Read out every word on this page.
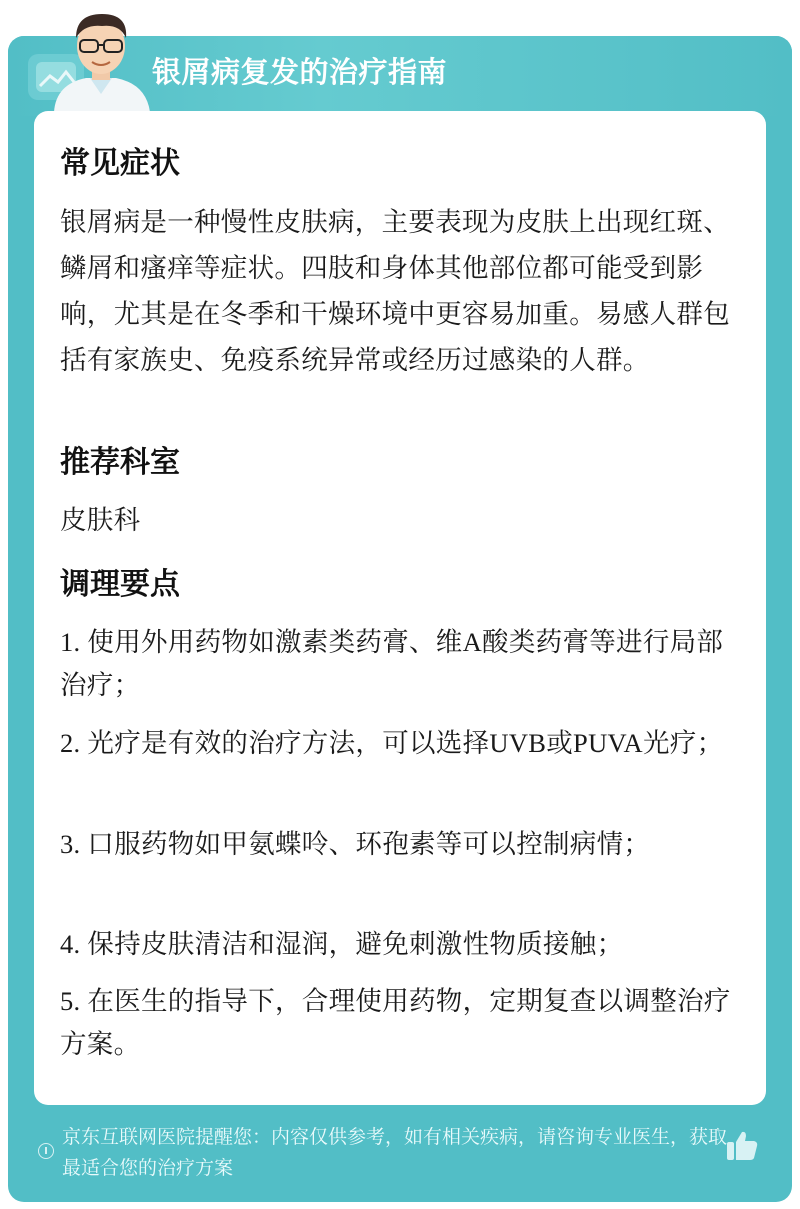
银屑病复发的治疗指南
常见症状
银屑病是一种慢性皮肤病，主要表现为皮肤上出现红斑、鳞屑和瘙痒等症状。四肢和身体其他部位都可能受到影响，尤其是在冬季和干燥环境中更容易加重。易感人群包括有家族史、免疫系统异常或经历过感染的人群。
推荐科室
皮肤科
调理要点
1. 使用外用药物如激素类药膏、维A酸类药膏等进行局部治疗；
2. 光疗是有效的治疗方法，可以选择UVB或PUVA光疗；
3. 口服药物如甲氨蝶呤、环孢素等可以控制病情；
4. 保持皮肤清洁和湿润，避免刺激性物质接触；
5. 在医生的指导下，合理使用药物，定期复查以调整治疗方案。
京东互联网医院提醒您：内容仅供参考，如有相关疾病，请咨询专业医生，获取最适合您的治疗方案
